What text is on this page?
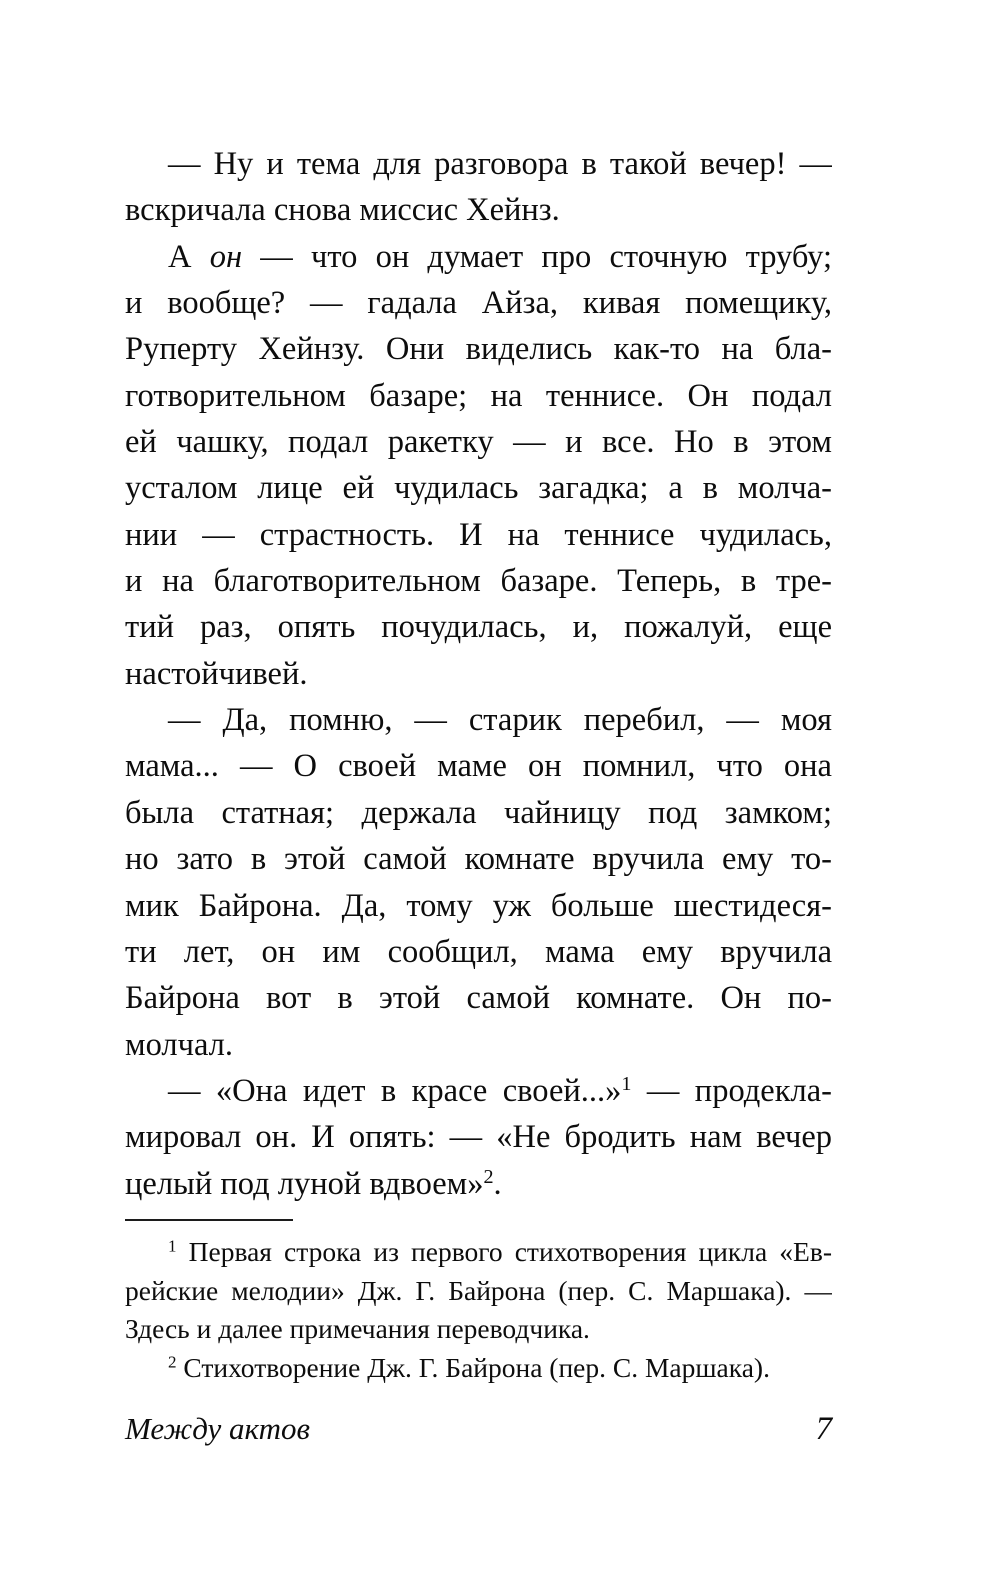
— Ну и тема для разговора в такой вечер! —
вскричала снова миссис Хейнз.
А он — что он думает про сточную трубу;
и вообще? — гадала Айза, кивая помещику,
Руперту Хейнзу. Они виделись как-то на бла-
готворительном базаре; на теннисе. Он подал
ей чашку, подал ракетку — и все. Но в этом
усталом лице ей чудилась загадка; а в молча-
нии — страстность. И на теннисе чудилась,
и на благотворительном базаре. Теперь, в тре-
тий раз, опять почудилась, и, пожалуй, еще
настойчивей.
— Да, помню, — старик перебил, — моя
мама... — О своей маме он помнил, что она
была статная; держала чайницу под замком;
но зато в этой самой комнате вручила ему то-
мик Байрона. Да, тому уж больше шестидеся-
ти лет, он им сообщил, мама ему вручила
Байрона вот в этой самой комнате. Он по-
молчал.
— «Она идет в красе своей...»$^1$ — продекла-
мировал он. И опять: — «Не бродить нам вечер
целый под луной вдвоем»$^2$.
$^1$ Первая строка из первого стихотворения цикла «Ев-
рейские мелодии» Дж. Г. Байрона (пер. С. Маршака). —
Здесь и далее примечания переводчика.
$^2$ Стихотворение Дж. Г. Байрона (пер. С. Маршака).
Между актов	7
